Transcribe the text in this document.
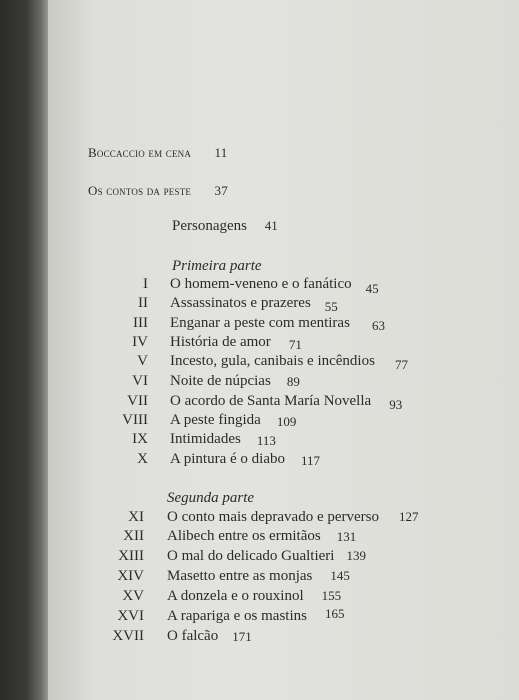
Boccaccio em cena 11
Os contos da peste 37
Personagens 41
Primeira parte
Segunda parte
I O homem-veneno e o fanático 45
II Assassinatos e prazeres 55
III Enganar a peste com mentiras 63
IV História de amor 71
V Incesto, gula, canibais e incêndios 77
VI Noite de núpcias 89
VII O acordo de Santa María Novella 93
VIII A peste fingida 109
IX Intimidades 113
X A pintura é o diabo 117
XI O conto mais depravado e perverso 127
XII Alibech entre os ermitãos 131
XIII O mal do delicado Gualtieri 139
XIV Masetto entre as monjas 145
XV A donzela e o rouxinol 155
XVI A rapariga e os mastins 165
XVII O falcão 171
